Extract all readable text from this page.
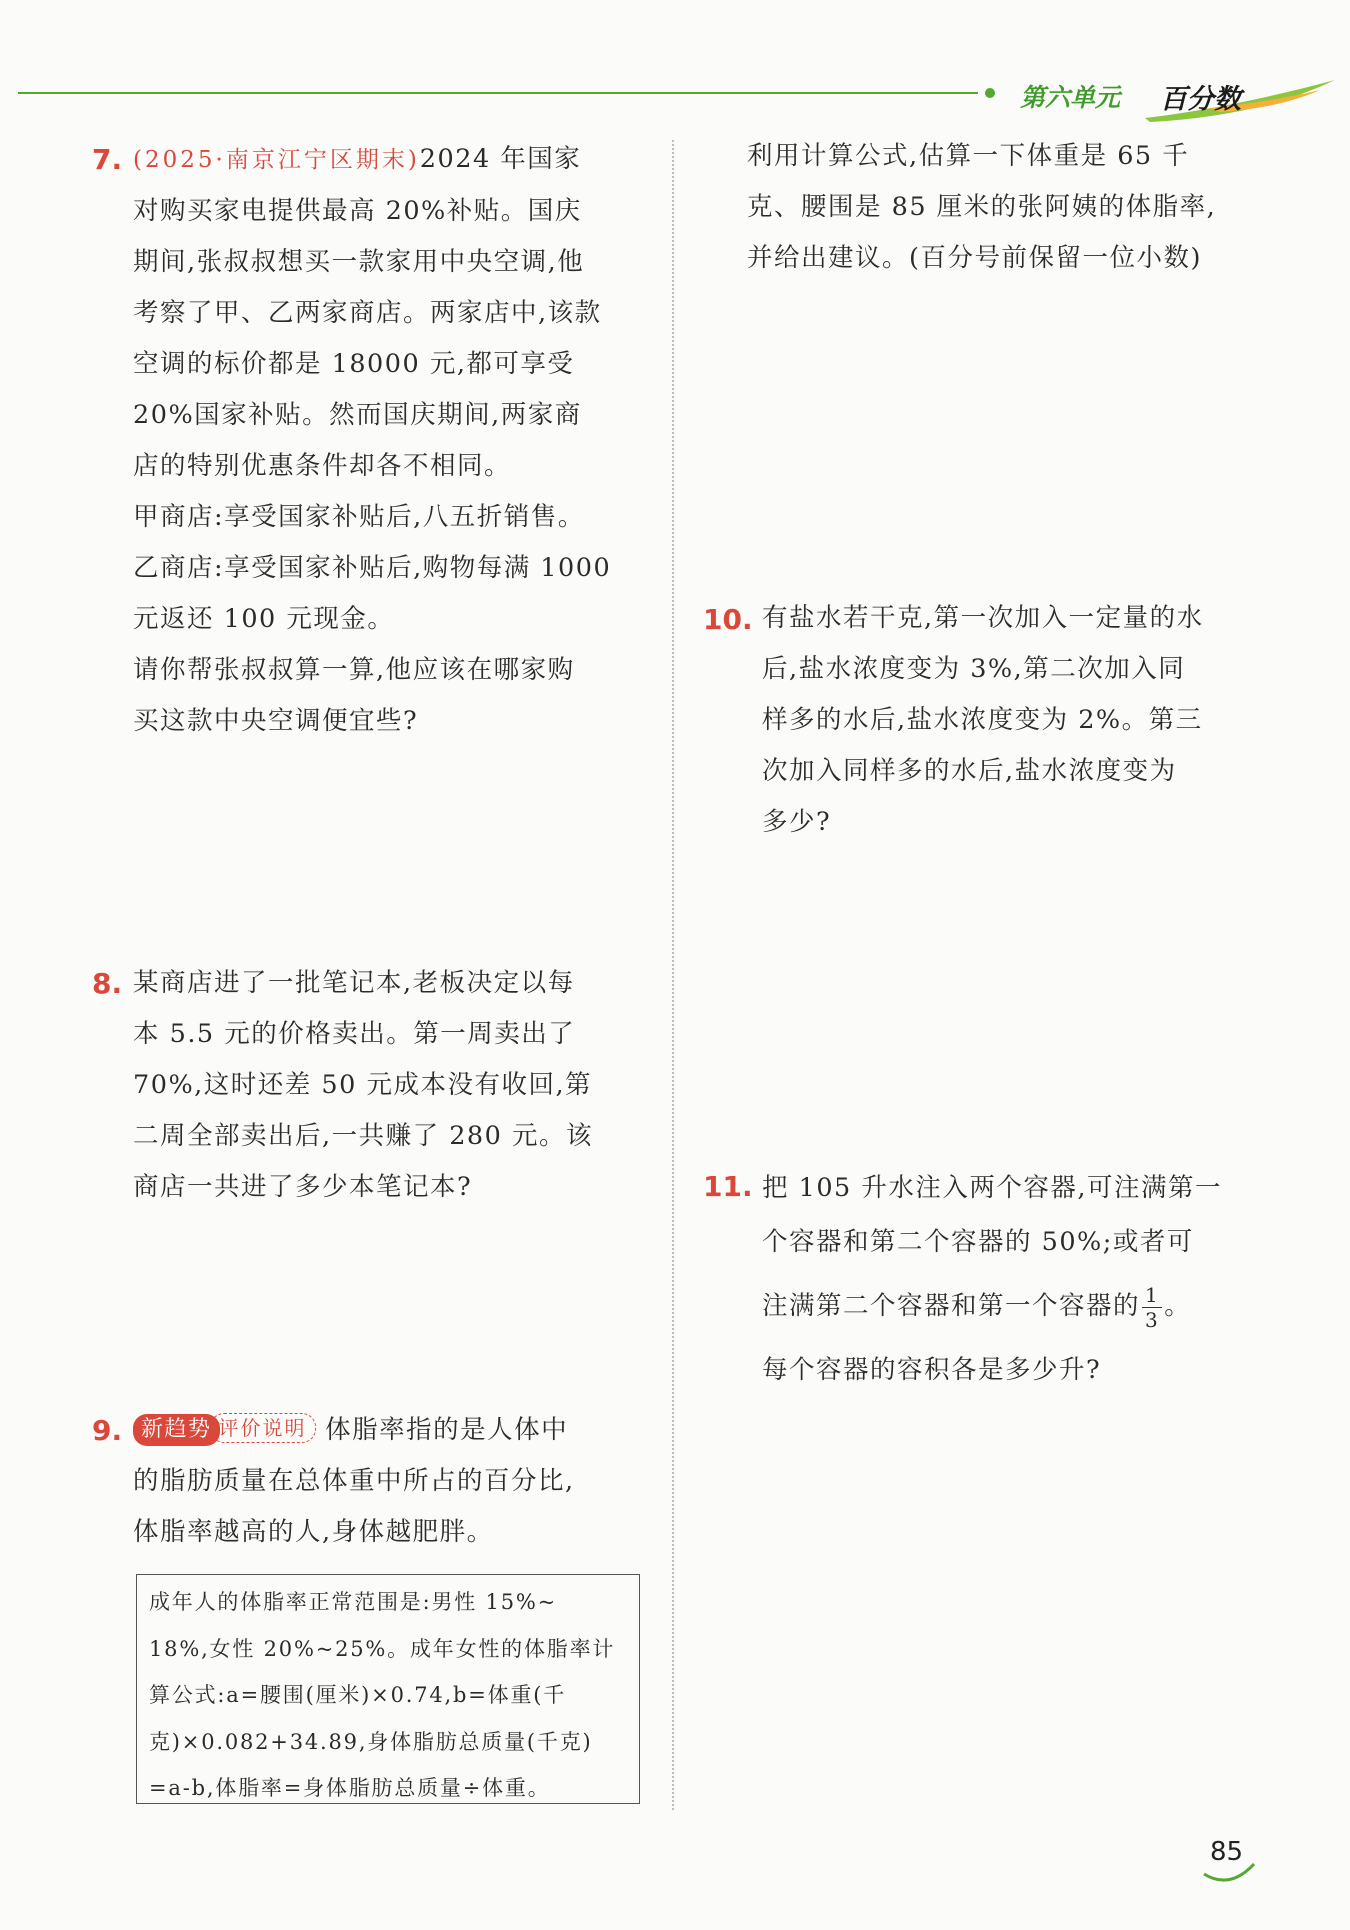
第六单元 百分数
7. (2025·南京江宁区期末)2024 年国家
对购买家电提供最高 20%补贴。国庆
期间,张叔叔想买一款家用中央空调,他
考察了甲、乙两家商店。两家店中,该款
空调的标价都是 18000 元,都可享受
20%国家补贴。然而国庆期间,两家商
店的特别优惠条件却各不相同。
甲商店:享受国家补贴后,八五折销售。
乙商店:享受国家补贴后,购物每满 1000
元返还 100 元现金。
请你帮张叔叔算一算,他应该在哪家购
买这款中央空调便宜些?
8. 某商店进了一批笔记本,老板决定以每
本 5.5 元的价格卖出。第一周卖出了
70%,这时还差 50 元成本没有收回,第
二周全部卖出后,一共赚了 280 元。该
商店一共进了多少本笔记本?
9. 新趋势 评价说明 体脂率指的是人体中
的脂肪质量在总体重中所占的百分比,
体脂率越高的人,身体越肥胖。
成年人的体脂率正常范围是:男性 15%~
18%,女性 20%~25%。成年女性的体脂率计
算公式:a=腰围(厘米)×0.74,b=体重(千
克)×0.082+34.89,身体脂肪总质量(千克)
=a-b,体脂率=身体脂肪总质量÷体重。
利用计算公式,估算一下体重是 65 千
克、腰围是 85 厘米的张阿姨的体脂率,
并给出建议。(百分号前保留一位小数)
10. 有盐水若干克,第一次加入一定量的水
后,盐水浓度变为 3%,第二次加入同
样多的水后,盐水浓度变为 2%。第三
次加入同样多的水后,盐水浓度变为
多少?
11. 把 105 升水注入两个容器,可注满第一
个容器和第二个容器的 50%;或者可
注满第二个容器和第一个容器的 $\frac{1}{3}$ 。
每个容器的容积各是多少升?
85
